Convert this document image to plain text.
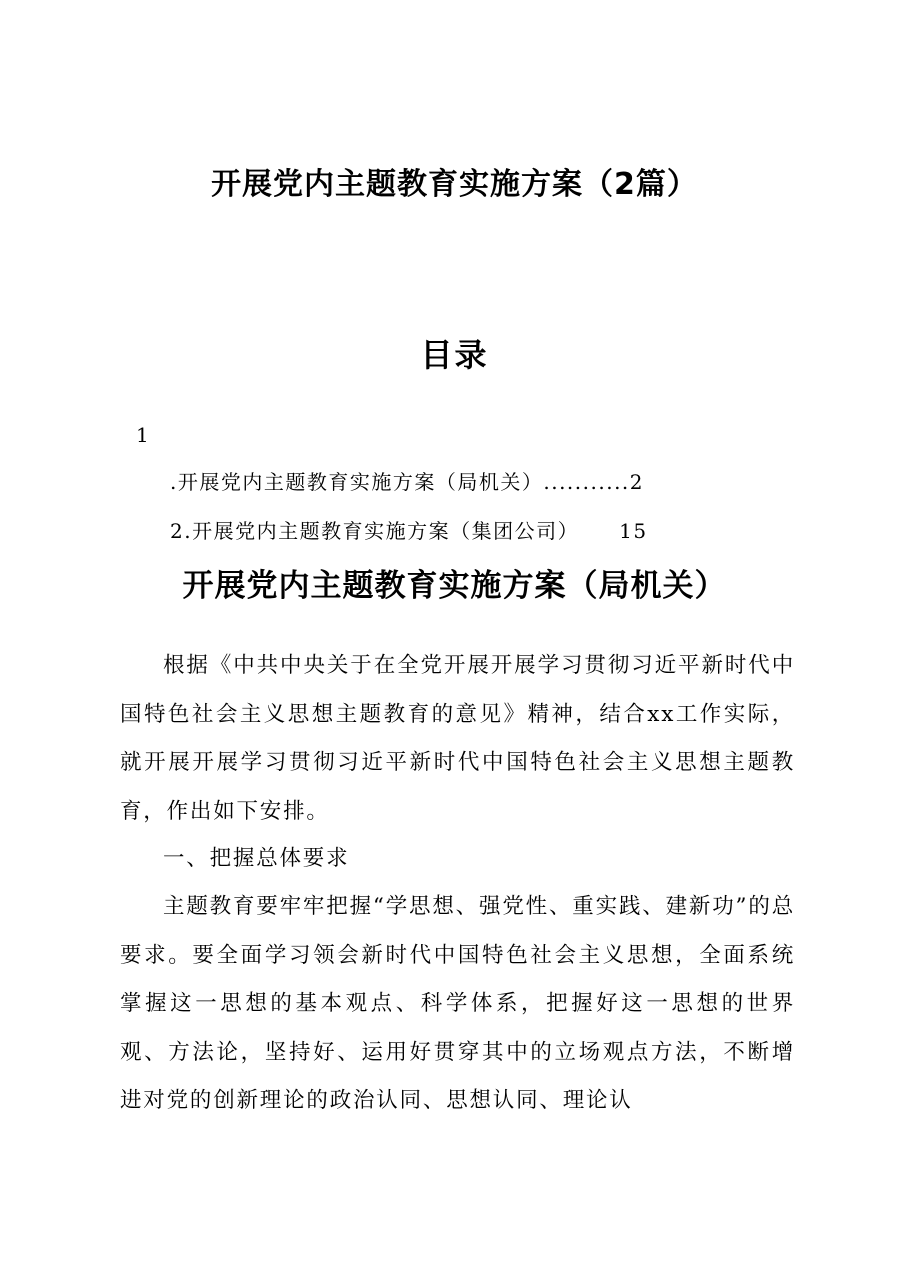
开展党内主题教育实施方案（2篇）
目录
1
.开展党内主题教育实施方案（局机关）...........2
2.开展党内主题教育实施方案（集团公司） 15
开展党内主题教育实施方案（局机关）
根据《中共中央关于在全党开展开展学习贯彻习近平新时代中国特色社会主义思想主题教育的意见》精神，结合xx工作实际，就开展开展学习贯彻习近平新时代中国特色社会主义思想主题教育，作出如下安排。
一、把握总体要求
主题教育要牢牢把握“学思想、强党性、重实践、建新功”的总要求。要全面学习领会新时代中国特色社会主义思想，全面系统掌握这一思想的基本观点、科学体系，把握好这一思想的世界观、方法论，坚持好、运用好贯穿其中的立场观点方法，不断增进对党的创新理论的政治认同、思想认同、理论认
